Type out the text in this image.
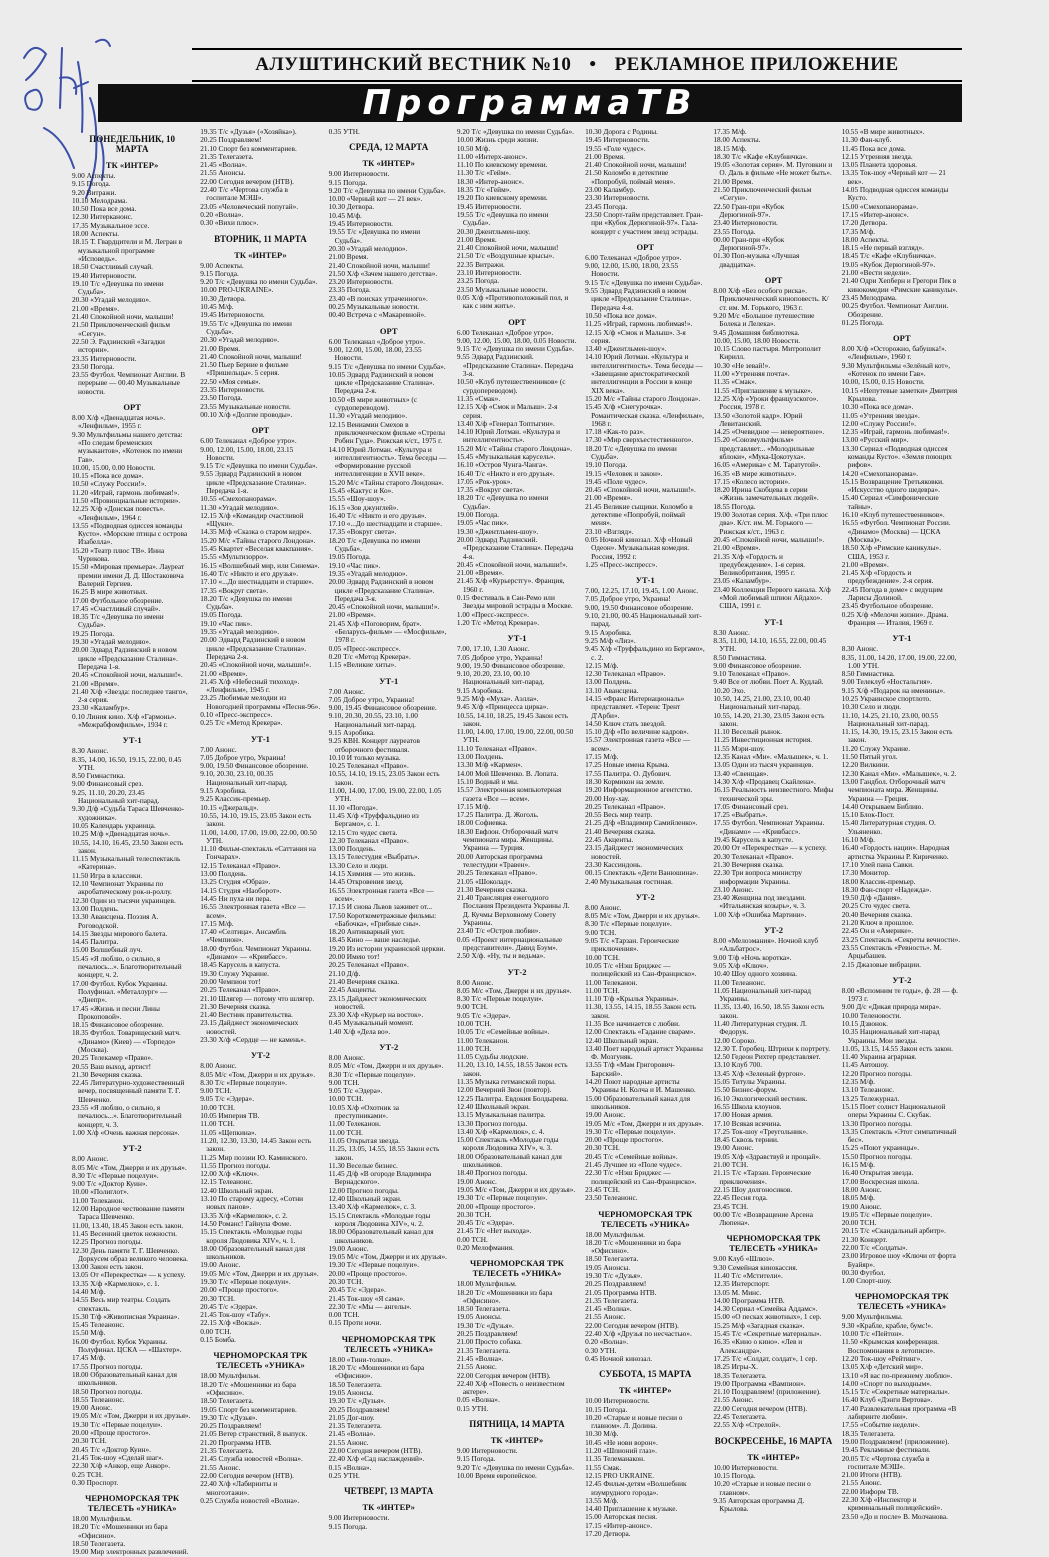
АЛУШТИНСКИЙ ВЕСТНИК №10 • РЕКЛАМНОЕ ПРИЛОЖЕНИЕ
ПрограммаТВ
ПОНЕДЕЛЬНИК, 10 МАРТА
ТК «ИНТЕР»
9.00 Аспекты.
9.15 Погода.
9.20 Витражи.
10.10 Мелодрама.
10.50 Пока все дома.
12.30 Интерканонс.
17.35 Музыкальное эссе.
18.00 Аспекты.
18.15 Т. Гвардцители и М. Легран в музыкальной программе «Исповедь».
18.50 Счастливый случай.
19.40 Интерновости.
19.10 Т/с «Девушка по имени Судьба».
20.30 «Угадай мелодию».
21.00 «Время».
21.40 Спокойной ночи, малыши!
21.50 Приключенческий фильм «Сегун».
22.50 Э. Радзинский «Загадки истории».
23.35 Интерновости.
23.50 Погода.
23.55 Футбол. Чемпионат Англии. В перерыве — 00.40 Музыкальные новости.
ОРТ
8.00 Х/ф «Двенадцатая ночь». «Ленфильм», 1955 г.
9.30 Мультфильмы нашего детства: «По следам бременских музыкантов», «Котенок по имени Гав».
10.00, 15.00, 0.00 Новости.
10.15 «Пока все дома».
10.50 «Служу России!».
11.20 «Играй, гармонь любимая!».
11.50 «Провинциальные истории».
12.25 Х/ф «Донская повесть». «Ленфильм», 1964 г.
13.55 «Подводная одиссея команды Кусто». «Морские птицы с острова Изабелла».
15.20 «Театр плюс ТВ». Инна Чурикова.
15.50 «Мировая премьера». Лауреат премии имени Д. Д. Шостаковича Валерий Гергиев.
16.25 В мире животных.
17.00 Футбольное обозрение.
17.45 «Счастливый случай».
18.35 Т/с «Девушка по имени Судьба».
19.25 Погода.
19.30 «Угадай мелодию».
20.00 Эдвард Радзинский в новом цикле «Предсказание Сталина». Передача 1-я.
20.45 «Спокойной ночи, малыши!».
21.00 «Время».
21.40 Х/ф «Звезда: последнее танго», 2-я серия.
23.30 «Каламбур».
0.10 Линия кино. Х/ф «Гармонь». «Межрабфомфильм», 1934 г.
УТ-1
8.30 Анонс.
8.35, 14.00, 16.50, 19.15, 22.00, 0.45 УТН.
8.50 Гимнастика.
9.00 Финансовый срез.
9.25, 11.10, 20.20, 23.45 Национальный хит-парад.
9.30 Д/ф «Судьба Тараса Шевченко-художника».
10.05 Календарь украинца.
10.25 М/ф «Двенадцатая ночь».
10.55, 14.10, 16.45, 23.50 Закон есть закон.
11.15 Музыкальный телеспектакль «Катерина».
11.50 Игра в классики.
12.10 Чемпионат Украины по акробатическому рок-н-роллу.
12.30 Один из тысячи украинцев.
13.00 Полдень.
13.30 Авансцена. Поэзия А. Роговодской.
14.15 Звезды мирового балета.
14.45 Палитра.
15.00 Волшебный луч.
15.45 «Я люблю, о сильно, я печалюсь...». Благотворительный концерт, ч. 2.
17.00 Футбол. Кубок Украины. Полуфинал. «Металлург» — «Днепр».
17.45 «Жизнь и песни Лины Прокоповой».
18.15 Финансовое обозрение.
18.35 Футбол. Товарищеский матч. «Динамо» (Киев) — «Торпедо» (Москва).
20.25 Телекамер «Право».
20.55 Ваш выход, артист!
21.30 Вечерняя сказка.
22.45 Литературно-художественный вечер, посвященный памяти Т. Г. Шевченко.
23.55 «Я люблю, о сильно, я печалюсь...». Благотворительный концерт, ч. 3.
1.00 Х/ф «Очень важная персона».
УТ-2
8.00 Анонс.
8.05 М/с «Том, Джерри и их друзья».
8.30 Т/с «Первые поцелуи».
9.00 Т/с «Доктор Куин».
10.00 «Полиглот».
11.00 Телеканон.
12.00 Народное чествование памяти Тараса Шевченко.
11.00, 13.40, 18.45 Закон есть закон.
11.45 Весенний цветок нежности.
12.25 Прогноз погоды.
12.30 День памяти Т. Г. Шевченко. Доркусем образ великого человека.
13.00 Закон есть закон.
13.05 От «Перекрестка» — к успеху.
13.35 Х/ф «Кармелюк», с. 1.
14.40 М/ф.
14.55 Весь мир театры. Создать спектакль.
15.30 Т/ф «Живописная Украина».
15.45 Телеанонс.
15.50 М/ф.
16.00 Футбол. Кубок Украины. Полуфинал. ЦСКА — «Шахтер».
17.45 М/ф.
17.55 Прогноз погоды.
18.00 Образовательный канал для школьников.
18.50 Прогноз погоды.
18.55 Телеанонс.
19.00 Анонс.
19.05 М/с «Том, Джерри и их друзья».
19.30 Т/с «Первые поцелуи».
20.00 «Проще простого».
20.30 ТСН.
20.45 Т/с «Доктор Куин».
21.45 Ток-шоу «Сделай шаг».
22.30 Х/ф «Анкор, еще Анкор».
0.25 ТСН.
0.30 Проспорт.
ЧЕРНОМОРСКАЯ ТРК ТЕЛЕСЕТЬ «УНИКА»
18.00 Мультфильм.
18.20 Т/с «Мошенники из бара «Офисино».
18.50 Телегазета.
19.00 Мир электронных развлечений.
19.35 Т/с «Дузья» («Хозяйка»).
20.25 Поздравляем!
21.10 Спорт без комментариев.
21.35 Телегазета.
21.45 «Волна».
21.55 Анонсы.
22.00 Сегодня вечером (НТВ).
22.40 Т/с «Чертова служба в госпитале МЭШ».
23.05 «Человеческий попугай».
0.20 «Волна».
0.30 «Вихи плюс».
ВТОРНИК, 11 МАРТА
ТК «ИНТЕР»
9.00 Аспекты.
9.15 Погода.
9.20 Т/с «Девушка по имени Судьба».
10.00 PRO-UKRAINE».
10.30 Детвора.
10.45 М/ф.
19.45 Интерновости.
19.55 Т/с «Девушка по имени Судьба».
20.30 «Угадай мелодию».
21.00 Время.
21.40 Спокойной ночи, малыши!
21.50 Пьер Берние в фильме «Пришельцы». 5 серия.
22.50 «Моя семья».
23.35 Интерновости.
23.50 Погода.
23.55 Музыкальные новости.
00.10 Х/ф «Долгие проводы».
ОРТ
6.00 Телеканал «Доброе утро».
9.00, 12.00, 15.00, 18.00, 23.15 Новости.
9.15 Т/с «Девушка по имени Судьба».
9.55 Эдвард Радзинский в новом цикле «Предсказание Сталина». Передача 1-я.
10.55 «Смехопанорама».
11.30 «Угадай мелодию».
12.15 Х/ф «Командир счастливой «Щуки».
14.35 М/ф «Сказка о старом кедре».
15.20 М/с «Тайны старого Лондона».
15.45 Квартет «Веселая квакпания».
15.55 «Мультизорро».
16.15 «Волшебный мир, или Синема».
16.40 Т/с «Никто и его друзья».
17.10 «...До шестнадцати и старше».
17.35 «Вокруг света».
18.20 Т/с «Девушка по имени Судьба».
19.05 Погода.
19.10 «Час пик».
19.35 «Угадай мелодию».
20.00 Эдвард Радзинский в новом цикле «Предсказание Сталина». Передача 2-я.
20.45 «Спокойной ночи, малыши!».
21.00 «Время».
21.45 Х/ф «Небесный тихоход». «Ленфильм», 1945 г.
23.25 Любимые мелодии из Новогодней программы «Песня-96».
0.10 «Пресс-экспресс».
0.25 Т/с «Метод Крекера».
УТ-1
7.00 Анонс.
7.05 Доброе утро, Украина!
9.00, 19.50 Финансовое обозрение.
9.10, 20.30, 23.10, 00.35 Национальный хит-парад.
9.15 Аэробика.
9.25 Классик-премьер.
10.15 «Джеральд».
10.55, 14.10, 19.15, 23.05 Закон есть закон.
11.00, 14.00, 17.00, 19.00, 22.00, 00.50 УТН.
11.10 Фильм-спектакль «Саттания на Гончарах».
12.15 Телеканал «Право».
13.00 Полдень.
13.25 Студия «Образ».
14.15 Студия «Наоборот».
14.45 Ни пуха ни пера.
16.55 Электронная газета «Все — всем».
17.15 М/ф.
17.40 «Селтица». Ансамбль «Чемпион».
18.00 Футбол. Чемпионат Украины. «Динамо» — «Кривбасс».
18.45 Карусель в капуста.
19.30 Служу Украине.
20.00 Чемпион тот!
20.25 Телеканал «Право».
21.10 Шлягер — потому что шлягер.
21.30 Вечерняя сказка.
21.40 Вестник правительства.
23.15 Дайджест экономических новостей.
23.30 Х/ф «Сердце — не камень».
УТ-2
8.00 Анонс.
8.05 М/с «Том, Джерри и их друзья».
8.30 Т/с «Первые поцелуи».
9.00 ТСН.
9.05 Т/с «Эдера».
10.00 ТСН.
10.05 Империя ТВ.
11.00 ТСН.
11.05 «Щепкина».
11.20, 12.30, 13.30, 14.45 Закон есть закон.
11.25 Мир поэзии Ю. Каминского.
11.55 Прогноз погоды.
12.00 Х/ф «Ключ».
12.15 Телеанонс.
12.40 Школьный экран.
13.10 По старому адресу, «Сотни новых панов».
13.35 Х/ф «Кармелюк», с. 2.
14.50 Романс! Гайнула Фоме.
15.15 Спектакль «Молодые годы короля Людовика XIV», ч. 1.
18.00 Образовательный канал для школьников.
19.00 Анонс.
19.05 М/с «Том, Джерри и их друзья».
19.30 Т/с «Первые поцелуи».
20.00 «Проще простого».
20.30 ТСН.
20.45 Т/с «Эдера».
21.45 Ток-шоу «Табу».
22.15 Х/ф «Вокзы».
0.00 ТСН.
0.15 Бомба.
ЧЕРНОМОРСКАЯ ТРК ТЕЛЕСЕТЬ «УНИКА»
18.00 Мультфильм.
18.20 Т/с «Мошенники из бара «Офисино».
18.50 Телегазета.
19.05 Спорт без комментариев.
19.30 Т/с «Дузья».
20.25 Поздравляем!
21.05 Ветер странствий, 8 выпуск.
21.20 Программа НТВ.
21.35 Телегазета.
21.45 Служба новостей «Волна».
21.55 Анонс.
22.00 Сегодня вечером (НТВ).
22.40 Х/ф «Лабиринты и многоэтажи».
0.25 Служба новостей «Волна».
0.35 УТН.
СРЕДА, 12 МАРТА
ТК «ИНТЕР»
9.00 Интерновости.
9.15 Погода.
9.20 Т/с «Девушка по имени Судьба».
10.00 «Черный кот — 21 век».
10.30 Детвора.
10.45 М/ф.
19.45 Интерновости.
19.55 Т/с «Девушка по имени Судьба».
20.30 «Угадай мелодию».
21.00 Время.
21.40 Спокойной ночи, малыши!
21.50 Х/ф «Зачем нашего детства».
23.20 Интерновости.
23.35 Погода.
23.40 «В поисках утраченного».
00.25 Музыкальные новости.
00.40 Встреча с «Макаревной».
ОРТ
6.00 Телеканал «Доброе утро».
9.00, 12.00, 15.00, 18.00, 23.55 Новости.
9.15 Т/с «Девушка по имени Судьба».
10.05 Эдвард Радзинский в новом цикле «Предсказание Сталина». Передача 2-я.
10.50 «В мире животных» (с сурдопереводом).
11.30 «Угадай мелодию».
12.15 Вениамин Смехов в приключенческом фильме «Стрелы Робин Гуда». Рижская к/ст., 1975 г.
14.10 Юрий Лотман. «Культура и интеллигентность». Тема беседы — «Формирование русской интеллигенции в XVII веке».
15.20 М/с «Тайны старого Лондона».
15.45 «Кактус и Ко».
15.55 «Шоу-шоу».
16.15 «Зов джунглей».
16.40 Т/с «Никто и его друзья».
17.10 «...До шестнадцати и старше».
17.35 «Вокруг света».
18.20 Т/с «Девушка по имени Судьба».
19.05 Погода.
19.10 «Час пик».
19.35 «Угадай мелодию».
20.00 Эдвард Радзинский в новом цикле «Предсказание Сталина». Передача 3-я.
20.45 «Спокойной ночи, малыши!».
21.00 «Время».
21.45 Х/ф «Поговорим, брат». «Беларусь-фильм» — «Мосфильм», 1978 г.
0.05 «Пресс-экспресс».
0.20 Т/с «Метод Крекера».
1.15 «Великие хиты».
УТ-1
7.00 Анонс.
7.05 Доброе утро, Украина!
9.00, 19.45 Финансовое обозрение.
9.10, 20.30, 20.55, 23.10, 1.00 Национальный хит-парад.
9.15 Аэробика.
9.25 КВН. Концерт лауреатов отборочного фестиваля.
10.10 И только музыка.
10.25 Телеканал «Право».
10.55, 14.10, 19.15, 23.05 Закон есть закон.
11.00, 14.00, 17.00, 19.00, 22.00, 1.05 УТН.
11.10 «Погода».
11.45 Х/ф «Труффальдино из Бергамо», с. 1.
12.15 Сто чудес света.
12.30 Телеканал «Право».
13.00 Полдень.
13.15 Телестудия «Выбрать».
13.30 Село и люди.
14.15 Химиия — это жизнь.
14.45 Откровения звезд.
16.55 Электронная газета «Все — всем».
17.15 И снова Львов заживет от...
17.50 Короткометражные фильмы: «Бабочка», «Грибные сны».
18.20 Антикварный уют.
18.45 Кино — ваше наследье.
19.20 Из истории украинской церкви.
20.00 Имею тот!
20.25 Телеканал «Право».
21.10 Д/ф.
21.40 Вечерняя сказка.
22.45 Акценты.
23.15 Дайджест экономических новостей.
23.30 Х/ф «Курьер на восток».
0.45 Музыкальный момент.
1.40 Х/ф «Дела во».
УТ-2
8.00 Анонс.
8.05 М/с «Том, Джерри и их друзья».
8.30 Т/с «Первые поцелуи».
9.00 ТСН.
9.05 Т/с «Эдера».
10.00 ТСН.
10.05 Х/ф «Охотник за преступниками».
11.00 Телеканон.
11.00 ТСН.
11.05 Открытая звезда.
11.25, 13.05, 14.55, 18.55 Закон есть закон.
11.30 Веселые бизнес.
11.45 Д/ф «В огороде Владимира Вернадского».
12.00 Прогноз погоды.
12.40 Школьный экран.
13.40 Х/ф «Кармелюк», с. 3.
15.15 Спектакль «Молодые годы короля Людовика XIV», ч. 2.
18.00 Образовательный канал для школьников.
19.00 Анонс.
19.05 М/с «Том, Джерри и их друзья».
19.30 Т/с «Первые поцелуи».
20.00 «Проще простого».
20.30 ТСН.
20.45 Т/с «Эдера».
21.45 Ток-шоу «Я сама».
22.30 Т/с «Мы — ангелы».
0.00 ТСН.
0.15 Проти ночи.
ЧЕРНОМОРСКАЯ ТРК ТЕЛЕСЕТЬ «УНИКА»
18.00 «Тини-толки».
18.20 Т/с «Мошенники из бара «Офисино».
18.50 Телегазета.
19.05 Анонсы.
19.30 Т/с «Дузья».
20.25 Поздравляем!
21.05 Дог-шоу.
21.35 Телегазета.
21.45 «Волна».
21.55 Анонс.
22.00 Сегодня вечером (НТВ).
22.40 Х/ф «Сад наслаждений».
0.15 «Волна».
0.25 УТН.
ЧЕТВЕРГ, 13 МАРТА
ТК «ИНТЕР»
9.00 Интерновости.
9.15 Погода.
9.20 Т/с «Девушка по имени Судьба».
10.00 Жизнь среди жизни.
10.50 М/ф.
11.00 «Интерх-анонс».
11.10 По киевскому времени.
11.30 Т/с «Гейм».
18.30 «Интер-анонс».
18.35 Т/с «Гейм».
19.20 По киевскому времени.
19.45 Интерновости.
19.55 Т/с «Девушка по имени Судьба».
20.30 Джентльмен-шоу.
21.00 Время.
21.40 Спокойной ночи, малыши!
21.50 Т/с «Воздушные крысы».
22.35 Витражи.
23.10 Интерновости.
23.25 Погода.
23.50 Музыкальные новости.
0.05 Х/ф «Противоположный пол, и как с ним жить».
ОРТ
6.00 Телеканал «Доброе утро».
9.00, 12.00, 15.00, 18.00, 0.05 Новости.
9.15 Т/с «Девушка по имени Судьба».
9.55 Эдвард Радзинский. «Предсказание Сталина». Передача 3-я.
10.50 «Клуб путешественников» (с сурдопереводом).
11.35 «Смак».
12.15 Х/ф «Смок и Малыш». 2-я серия.
13.40 Х/ф «Генерал Топтыгин».
14.10 Юрий Лотман. «Культура и интеллигентность».
15.20 М/с «Тайны старого Лондона».
15.45 «Музыкальная карусель».
16.10 «Остров Чунга-Чанга».
16.40 Т/с «Никто и его друзья».
17.05 «Рок-урок».
17.35 «Вокруг света».
18.20 Т/с «Девушка по имени Судьба».
19.00 Погода.
19.05 «Час пик».
19.30 «Джентльмен-шоу».
20.00 Эдвард Радзинский. «Предсказание Сталина». Передача 4-я.
20.45 «Спокойной ночи, малыши!».
21.00 «Время».
21.45 Х/ф «Курьерстгу». Франция, 1960 г.
0.15 Фестиваль в Сан-Ремо или Звезды мировой эстрады в Москве.
1.00 «Пресс-экспресс».
1.20 Т/с «Метод Крекера».
УТ-1
7.00, 17.10, 1.30 Анонс.
7.05 Доброе утро, Украина!
9.00, 19.50 Финансовое обозрение.
9.10, 20.20, 23.10, 00.10 Национальный хит-парад.
9.15 Аэробика.
9.25 М/ф «Муха». Аэлла».
9.45 Х/ф «Принцесса цирка».
10.55, 14.10, 18.25, 19.45 Закон есть закон.
11.00, 14.00, 17.00, 19.00, 22.00, 00.50 УТН.
11.10 Телеканал «Право».
13.00 Полдень.
13.30 М/ф «Кармен».
14.00 Мой Шевченко. В. Лопата.
15.10 Водный и мы.
15.57 Электронная компьютерная газета «Все — всем».
17.15 М/ф.
17.25 Палитра. Д. Жоголь.
18.00 Софиевка.
18.30 Евфлон. Отборочный матч чемпионата мира. Женщины. Украина — Турция.
20.00 Авторская программа телестудии «Травен».
20.25 Телеканал «Право».
21.05 «Шоколад».
21.30 Вечерняя сказка.
21.40 Трансляция ежегодного Послания Президента Украины Л. Д. Кучмы Верховному Совету Украины.
23.40 Т/с «Остров любви».
0.05 «Проект интернациональные представители». Давид Бэум».
2.50 Х/ф. «Ну, ты и ведьма».
УТ-2
8.00 Анонс.
8.05 М/с «Том, Джерри и их друзья».
8.30 Т/с «Первые поцелуи».
9.00 ТСН.
9.05 Т/с «Эдера».
10.00 ТСН.
10.05 Т/с «Семейные войны».
11.00 Телеканон.
11.00 ТСН.
11.05 Судьбы людские.
11.20, 13.10, 14.55, 18.55 Закон есть закон.
11.35 Музыка гетманской поры.
12.00 Вечерний Звон (повтор).
12.25 Палитра. Евдокия Болдырева.
12.40 Школьный экран.
13.15 Музыкальная палитра.
13.30 Прогноз погоды.
13.40 Х/ф «Кармелюк», с. 4.
15.00 Спектакль «Молодые годы короля Людовика XIV», ч. 3.
18.00 Образовательный канал для школьников.
18.40 Прогноз погоды.
19.00 Анонс.
19.05 М/с «Том, Джерри и их друзья».
19.30 Т/с «Первые поцелуи».
20.00 «Проще простого».
20.30 ТСН.
20.45 Т/с «Эдера».
21.45 Т/с «Нет выхода».
0.00 ТСН.
0.20 Мелофмания.
ЧЕРНОМОРСКАЯ ТРК ТЕЛЕСЕТЬ «УНИКА»
18.00 Мультфильм.
18.20 Т/с «Мошенники из бара «Офисино».
18.50 Телегазета.
19.05 Анонсы.
19.30 Т/с «Дузья».
20.25 Поздравляем!
21.00 Просто собака.
21.35 Телегазета.
21.45 «Волна».
21.55 Анонс.
22.00 Сегодня вечером (НТВ).
22.40 Х/ф «Повесть о неизвестном актере».
0.05 «Волна».
0.15 УТН.
ПЯТНИЦА, 14 МАРТА
ТК «ИНТЕР»
9.00 Интерновости.
9.15 Погода.
9.20 Т/с «Девушка по имени Судьба».
10.00 Время европейское.
10.30 Дорога с Родины.
19.45 Интерновости.
19.55 «Голе чудес».
21.00 Время.
21.40 Спокойной ночи, малыши!
21.50 Коломбо в детективе «Попробуй, поймай меня».
23.00 Каламбур.
23.30 Интерновости.
23.45 Погода.
23.50 Спорт-тайм представляет. Гран-при «Кубок Дерюгиной-97». Гала-концерт с участием звезд эстрады.
ОРТ
6.00 Телеканал «Доброе утро».
9.00, 12.00, 15.00, 18.00, 23.55 Новости.
9.15 Т/с «Девушка по имени Судьба».
9.55 Эдвард Радзинский в новом цикле «Предсказание Сталина». Передача 4-я.
10.50 «Пока все дома».
11.25 «Играй, гармонь любимая!».
12.15 Х/ф «Смок и Малыш». 3-я серия.
13.40 «Джентльмен-шоу».
14.10 Юрий Лотман. «Культура и интеллигентность». Тема беседы — «Завещание аристократической интеллигенции в России в конце XIX века».
15.20 М/с «Тайны старого Лондона».
15.45 Х/ф «Снегурочка». Романтическая сказка. «Ленфильм», 1968 г.
17.18 «Как-то раз».
17.30 «Мир сверхъестественного».
18.20 Т/с «Девушка по имени Судьба».
19.10 Погода.
19.15 «Человек и закон».
19.45 «Поле чудес».
20.45 «Спокойной ночи, малыши!».
21.00 «Время».
21.45 Великие сыщики. Коломбо в детективе «Попробуй, поймай меня».
23.10 «Взгляд».
0.05 Ночной кинозал. Х/ф «Новый Одеон». Музыкальная комедия. Россия, 1992 г.
1.25 «Пресс-экспресс».
УТ-1
7.00, 12.25, 17.10, 19.45, 1.00 Анонс.
7.05 Доброе утро, Украина!
9.00, 19.50 Финансовое обозрение.
9.10, 21.00, 00.45 Национальный хит-парад.
9.15 Аэробика.
9.25 М/ф «Лиз».
9.45 Х/ф «Труффальдино из Бергамо», с. 2.
12.15 М/ф.
12.30 Телеканал «Право».
13.00 Полдень.
13.10 Авансцена.
14.15 «Франс Интернациональ» представляет. «Теренс Трент Д'Арби».
14.50 Ключ стать звездой.
15.10 Д/ф «По величине кадров».
15.57 Электронная газета «Все — всем».
17.15 М/ф.
17.25 Новые имена Крыма.
17.55 Палитра. О. Дубович.
18.30 Кормикон на земле.
19.20 Информационное агентство.
20.00 Ноу-хау.
20.25 Телеканал «Право».
20.55 Весь мир театр.
21.25 Д/ф «Владимир Самийленко».
21.40 Вечерняя сказка.
22.45 Акценты.
23.15 Дайджест экономических новостей.
23.30 Кассиндонь.
00.15 Спектакль «Дети Ванюшина».
2.40 Музыкальная гостиная.
УТ-2
8.00 Анонс.
8.05 М/с «Том, Джерри и их друзья».
8.30 Т/с «Первые поцелуи».
9.00 ТСН.
9.05 Т/с «Тарзан. Героические приключения».
10.00 ТСН.
10.05 Т/с «Нэш Бриджес — полицейский из Сан-Франциско».
11.00 Телеканон.
11.00 ТСН.
11.10 Т/ф «Крылья Украины».
11.30, 13.55, 14.15, 18.55 Закон есть закон.
11.35 Все начинается с любви.
12.00 Спектакль «Гадание сварам».
12.40 Школьный экран.
13.40 Поет народный артист Украины Ф. Мозгуняк.
13.55 Т/ф «Мам Григорович-Барский».
14.20 Поют народные артисты Украины Н. Колча и И. Машенко.
15.00 Образовательный канал для школьников.
19.00 Анонс.
19.05 М/с «Том, Джерри и их друзья».
19.30 Т/с «Первые поцелуи».
20.00 «Проще простого».
20.30 ТСН.
20.45 Т/с «Семейные войны».
21.45 Лучшее из «Поле чудес».
22.30 Т/с «Нэш Бриджес — полицейский из Сан-Франциско».
23.45 ТСН.
23.50 Телеанонс.
ЧЕРНОМОРСКАЯ ТРК ТЕЛЕСЕТЬ «УНИКА»
18.00 Мультфильм.
18.20 Т/с «Мошенники из бара «Офисино».
18.50 Телегазета.
19.05 Анонсы.
19.30 Т/с «Дузья».
20.25 Поздравляем!
21.05 Программа НТВ.
21.35 Телегазета.
21.45 «Волна».
21.55 Анонс.
22.00 Сегодня вечером (НТВ).
22.40 Х/ф «Друзья по несчастью».
0.20 «Волна».
0.30 УТН.
0.45 Ночной кинозал.
СУББОТА, 15 МАРТА
ТК «ИНТЕР»
10.00 Интерновости.
10.15 Погода.
10.20 «Старые и новые песни о главном». Л. Долина.
10.30 М/ф.
10.45 «Не нови ворон».
11.20 «Шпионий глаз».
11.35 Телеманакон.
11.55 Смак.
12.15 PRO UKRAINE.
12.45 Фильм-детям «Волшебник изумрудного города».
13.55 М/ф.
14.40 Приглашение к музыке.
15.00 Авторская песня.
17.15 «Интер-анонс».
17.20 Детвора.
17.35 М/ф.
18.00 Аспекты.
18.15 М/ф.
18.30 Т/с «Кафе «Клубничка».
19.05 «Золотая серия». М. Пуговкин и О. Даль в фильме «Не может быть».
21.00 Время.
21.50 Приключенческий фильм «Сегун».
22.50 Гран-при «Кубок Дерюгиной-97».
23.40 Интерновости.
23.55 Погода.
00.00 Гран-при «Кубок Дерюгиной-97».
01.30 Поп-музыка «Лучшая двадцатка».
ОРТ
8.00 Х/ф «Без особого риска». Приключенческий киноповесть. К/ст. им. М. Горького, 1963 г.
9.20 М/с «Большое путешествие Болека и Лелека».
9.45 Домашняя библиотека.
10.00, 15.00, 18.00 Новости.
10.15 Слово пастыря. Митрополит Кирилл.
10.30 «Не зевай!».
11.00 «Утренняя почта».
11.35 «Смак».
11.55 «Приглашение к музыке».
12.25 Х/ф «Уроки французского». Россия, 1978 г.
13.50 «Золотой кадр». Юрий Левитанский.
14.25 «Очевидное — невероятное».
15.20 «Союзмультфильм» представляет... «Молодильные яблоки», «Мука-Цокотуха».
16.05 «Америка» с М. Таратутой».
16.35 «В мире животных».
17.15 «Колесо истории».
18.20 Ирина Скобцева в серии «Жизнь замечательных людей».
18.55 Погода.
19.00 Золотая серия. Х/ф. «Три плюс два». К/ст. им. М. Горького — Рижская к/ст., 1963 г.
20.45 «Спокойной ночи, малыши!».
21.00 «Время».
21.35 Х/ф «Гордость и предубеждение». 1-я серия. Великобритания, 1995 г.
23.05 «Каламбур».
23.40 Коллекция Первого канала. Х/ф «Мой любимый шпион Айдахо». США, 1991 г.
УТ-1
8.30 Анонс.
8.35, 11.00, 14.10, 16.55, 22.00, 00.45 УТН.
8.50 Гимнастика.
9.00 Финансовое обозрение.
9.10 Телеканал «Право».
9.40 Все от любви. Поет А. Кудлай.
10.20 Эхо.
10.50, 14.25, 21.00, 23.10, 00.40 Национальный хит-парад.
10.55, 14.20, 21.30, 23.05 Закон есть закон.
11.10 Веселый рынок.
11.25 Инвестиционная история.
11.55 Мэри-шоу.
12.35 Канал «Ми». «Малышек», ч. 1.
13.05 Один из тысяч украинцев.
13.40 «Свенщая».
14.30 Х/ф «Продавец Скайлена».
16.15 Реальность неизвестного. Мифы технической эры.
17.05 Финансовый срез.
17.25 «Выбрать».
17.55 Футбол. Чемпионат Украины. «Динамо» — «Кривбасс».
19.45 Карусель в капусте.
20.00 От «Перекрестка» — к успеху.
20.30 Телеканал «Право».
21.30 Вечерняя сказка.
22.30 Три вопроса министру информации Украины.
23.10 Анонс.
23.40 Женщина под звездами. «Итальянская козырь», ч. 3.
1.00 Х/ф «Ошибка Мартини».
УТ-2
8.00 «Мелоэмания». Ночной клуб «Альбатрос».
9.00 Т/ф «Ночь коротка».
9.05 Х/ф «Ключ».
10.40 Шоу одного хозяина.
11.00 Телеанонс.
11.05 Национальный хит-парад Украины.
11.35, 13.40, 16.50, 18.55 Закон есть закон.
11.40 Литературная студия. Л. Федорук.
12.00 Сороко.
12.30 Т. Горобец. Штрихи к портрету.
12.50 Гедеон Рихтер представляет.
13.10 Клуб 700.
13.45 Х/ф «Зеленый фургон».
15.05 Титулы Украины.
15.50 Бизнес-форум.
16.10 Экологический вестник.
16.55 Школа клоунов.
17.00 Новая армия.
17.10 Всякая всячина.
17.25 Ток-шоу «Треугольник».
18.45 Сквозь тернии.
19.00 Анонс.
19.05 Х/ф «Здравствуй и прощай».
21.00 ТСН.
21.15 Т/с «Тарзан. Героические приключения».
22.15 Шоу долгоносиков.
22.45 Песня года.
23.45 ТСН.
00.00 Т/с «Возвращение Арсена Люпена».
ЧЕРНОМОРСКАЯ ТРК ТЕЛЕСЕТЬ «УНИКА»
9.00 Клуб «Шлюз».
9.30 Семейная кинокассия.
11.40 Т/с «Мстители».
12.35 Интерспорт.
13.05 М. Минс.
14.00 Программа НТВ.
14.30 Сериал «Семейка Аддамс».
15.00 «О песках животных», 1 сер.
15.25 М/ф «Загадная сказка».
15.45 Т/с «Секретные материалы».
16.35 «Кино о кино». «Лев и Александра».
17.25 Т/с «Солдат, солдат», 1 сер.
18.25 Игры-Х.
18.35 Телегазета.
19.00 Программа «Вампион».
21.10 Поздравляем! (приложение).
21.55 Анонс.
22.00 Сегодня вечером (НТВ).
22.45 Телегазета.
22.55 Х/ф «Стрелой».
ВОСКРЕСЕНЬЕ, 16 МАРТА
ТК «ИНТЕР»
10.00 Интерновости.
10.15 Погода.
10.20 «Старые и новые песни о главном».
9.35 Авторская программа Д. Крылова.
10.55 «В мире животных».
11.30 Фан-клуб.
11.45 Пока все дома.
12.15 Утренняя звезда.
13.05 Планета здоровья.
13.35 Ток-шоу «Черный кот — 21 век».
14.05 Подводная одиссея команды Кусто.
15.00 «Смехопанорама».
17.15 «Интер-анонс».
17.20 Детвора.
17.35 М/ф.
18.00 Аспекты.
18.15 «Не первый взгляд».
18.45 Т/с «Кафе «Клубничка».
19.05 «Кубок Дерюгиной-97».
21.00 «Вести недели».
21.40 Одри Хепберн и Грегори Пек в кинокомедии «Римские каникулы».
23.45 Мелодрама.
00.25 Футбол. Чемпионат Англии. Обозрение.
01.25 Погода.
ОРТ
8.00 Х/ф «Осторожно, бабушка!». «Ленфильм», 1960 г.
9.30 Мультфильмы «Зелёный кот», «Котенок по имени Гав».
10.00, 15.00, 0.15 Новости.
10.15 «Непутевые заметки» Дмитрия Крылова.
10.30 «Пока все дома».
11.05 «Утренняя звезда».
12.00 «Служу России!».
12.35 «Играй, гармонь любимая!».
13.00 «Русский мир».
13.30 Сериал «Подводная одиссея команды Кусто». «Земля поющих рифов».
14.20 «Смехопанорама».
15.15 Возвращение Третьяковки. «Искусство одного шедевра».
15.40 Сериал «Симфонические тайны».
16.10 «Клуб путешественников».
16.55 «Футбол. Чемпионат России. «Динамо» (Москва) — ЦСКА (Москва)».
18.50 Х/ф «Римские каникулы». США, 1953 г.
21.00 «Время».
21.45 Х/ф «Гордость и предубеждение». 2-я серия.
22.45 Погода в доме» с ведущим Ларисы Долиной.
23.45 Футбольное обозрение.
0.25 Х/ф «Мелочи жизни». Драма. Франция — Италия, 1969 г.
УТ-1
8.30 Анонс.
8.35, 11.00, 14.20, 17.00, 19.00, 22.00, 1.00 УТН.
8.50 Гимнастика.
9.00 Телеклуб «Ностальгия».
9.15 Х/ф «Подарок на именины».
10.25 Украинское спортлото.
10.30 Село и люди.
11.10, 14.25, 21.10, 23.00, 00.55 Национальный хит-парад.
11.15, 14.30, 19.15, 23.15 Закон есть закон.
11.20 Служу Украине.
11.50 Пятый угол.
12.20 Вилкини.
12.30 Канал «Ми». «Малышек», ч. 2.
13.00 Гандбол. Отборочный матч чемпионата мира. Женщины. Украина — Греция.
14.40 Открываем Библию.
15.10 Блок-Пост.
15.40 Литературная студия. О. Ульяненко.
16.10 М/ф.
16.40 «Гордость нации». Народная артистка Украины Р. Кириченко.
17.10 Улей пана Савки.
17.30 Монитор.
18.00 Классик-премьер.
18.30 Фан-спорт «Надежда».
19.50 Д/ф «Дания».
20.25 Сто чудес света.
20.40 Вечерняя сказка.
21.20 Ключ в прошлое.
22.45 Он и «Америке».
23.25 Спектакль «Секреты вечности».
23.55 Спектакль «Ревность». М. Арцыбашев.
2.15 Джазовые вибрации.
УТ-2
8.00 «Вспомним те годы», ф. 28 — ф. 1973 г.
9.00 Д/с «Дикая природа мира».
10.00 Теленовости.
10.15 Дзвонок.
10.35 Национальный хит-парад Украины. Мои звезды.
11.05, 13.15, 14.55 Закон есть закон.
11.40 Украина аграрная.
11.45 Автошоу.
12.20 Прогноз погоды.
12.35 М/ф.
13.10 Телеанонс.
13.25 Тележурнал.
15.15 Поет солист Национальной оперы Украины С. Скубак.
13.30 Прогноз погоды.
13.35 Спектакль «Этот симпатичный бес».
15.25 «Поют украинцы».
15.50 Прогноз погоды.
16.15 М/ф.
16.40 Открытая звезда.
17.00 Воскресная школа.
18.00 Анонс.
18.05 М/ф.
19.00 Анонс.
19.05 Т/с «Первые поцелуи».
20.00 ТСН.
20.15 Т/с «Скандальный арбитр».
21.30 Концерт.
22.00 Т/с «Солдаты».
23.00 Игровое шоу «Ключи от форта Буайяр».
00.30 Футбол.
1.00 Спорт-шоу.
ЧЕРНОМОРСКАЯ ТРК ТЕЛЕСЕТЬ «УНИКА»
9.00 Мультфильмы.
9.30 «Крабле, крабле, бумс!».
10.00 Т/с «Пейтон».
11.50 «Крымская конференция. Воспоминания в летописи».
12.20 Ток-шоу «Рейтинг».
13.05 Х/ф «Детский мир».
13.10 «Я вас по-прежнему люблю».
14.00 «Спорт по выходным».
15.15 Т/с «Секретные материалы».
16.40 Клуб «Дэнги Вертова».
17.40 Развлекательная программа «В лабиринте любви».
17.55 «Событие недели».
18.35 Телегазета.
19.00 Поздравляем! (приложение).
19.45 Рекламные фестивали.
20.05 Т/с «Чертова служба в госпитале МЭШ».
21.00 Итоги (НТВ).
21.55 Анонс.
22.00 Информ ТВ.
22.30 Х/ф «Инспектор и криминальный полицейский».
23.50 «До и после» В. Молчанова.
